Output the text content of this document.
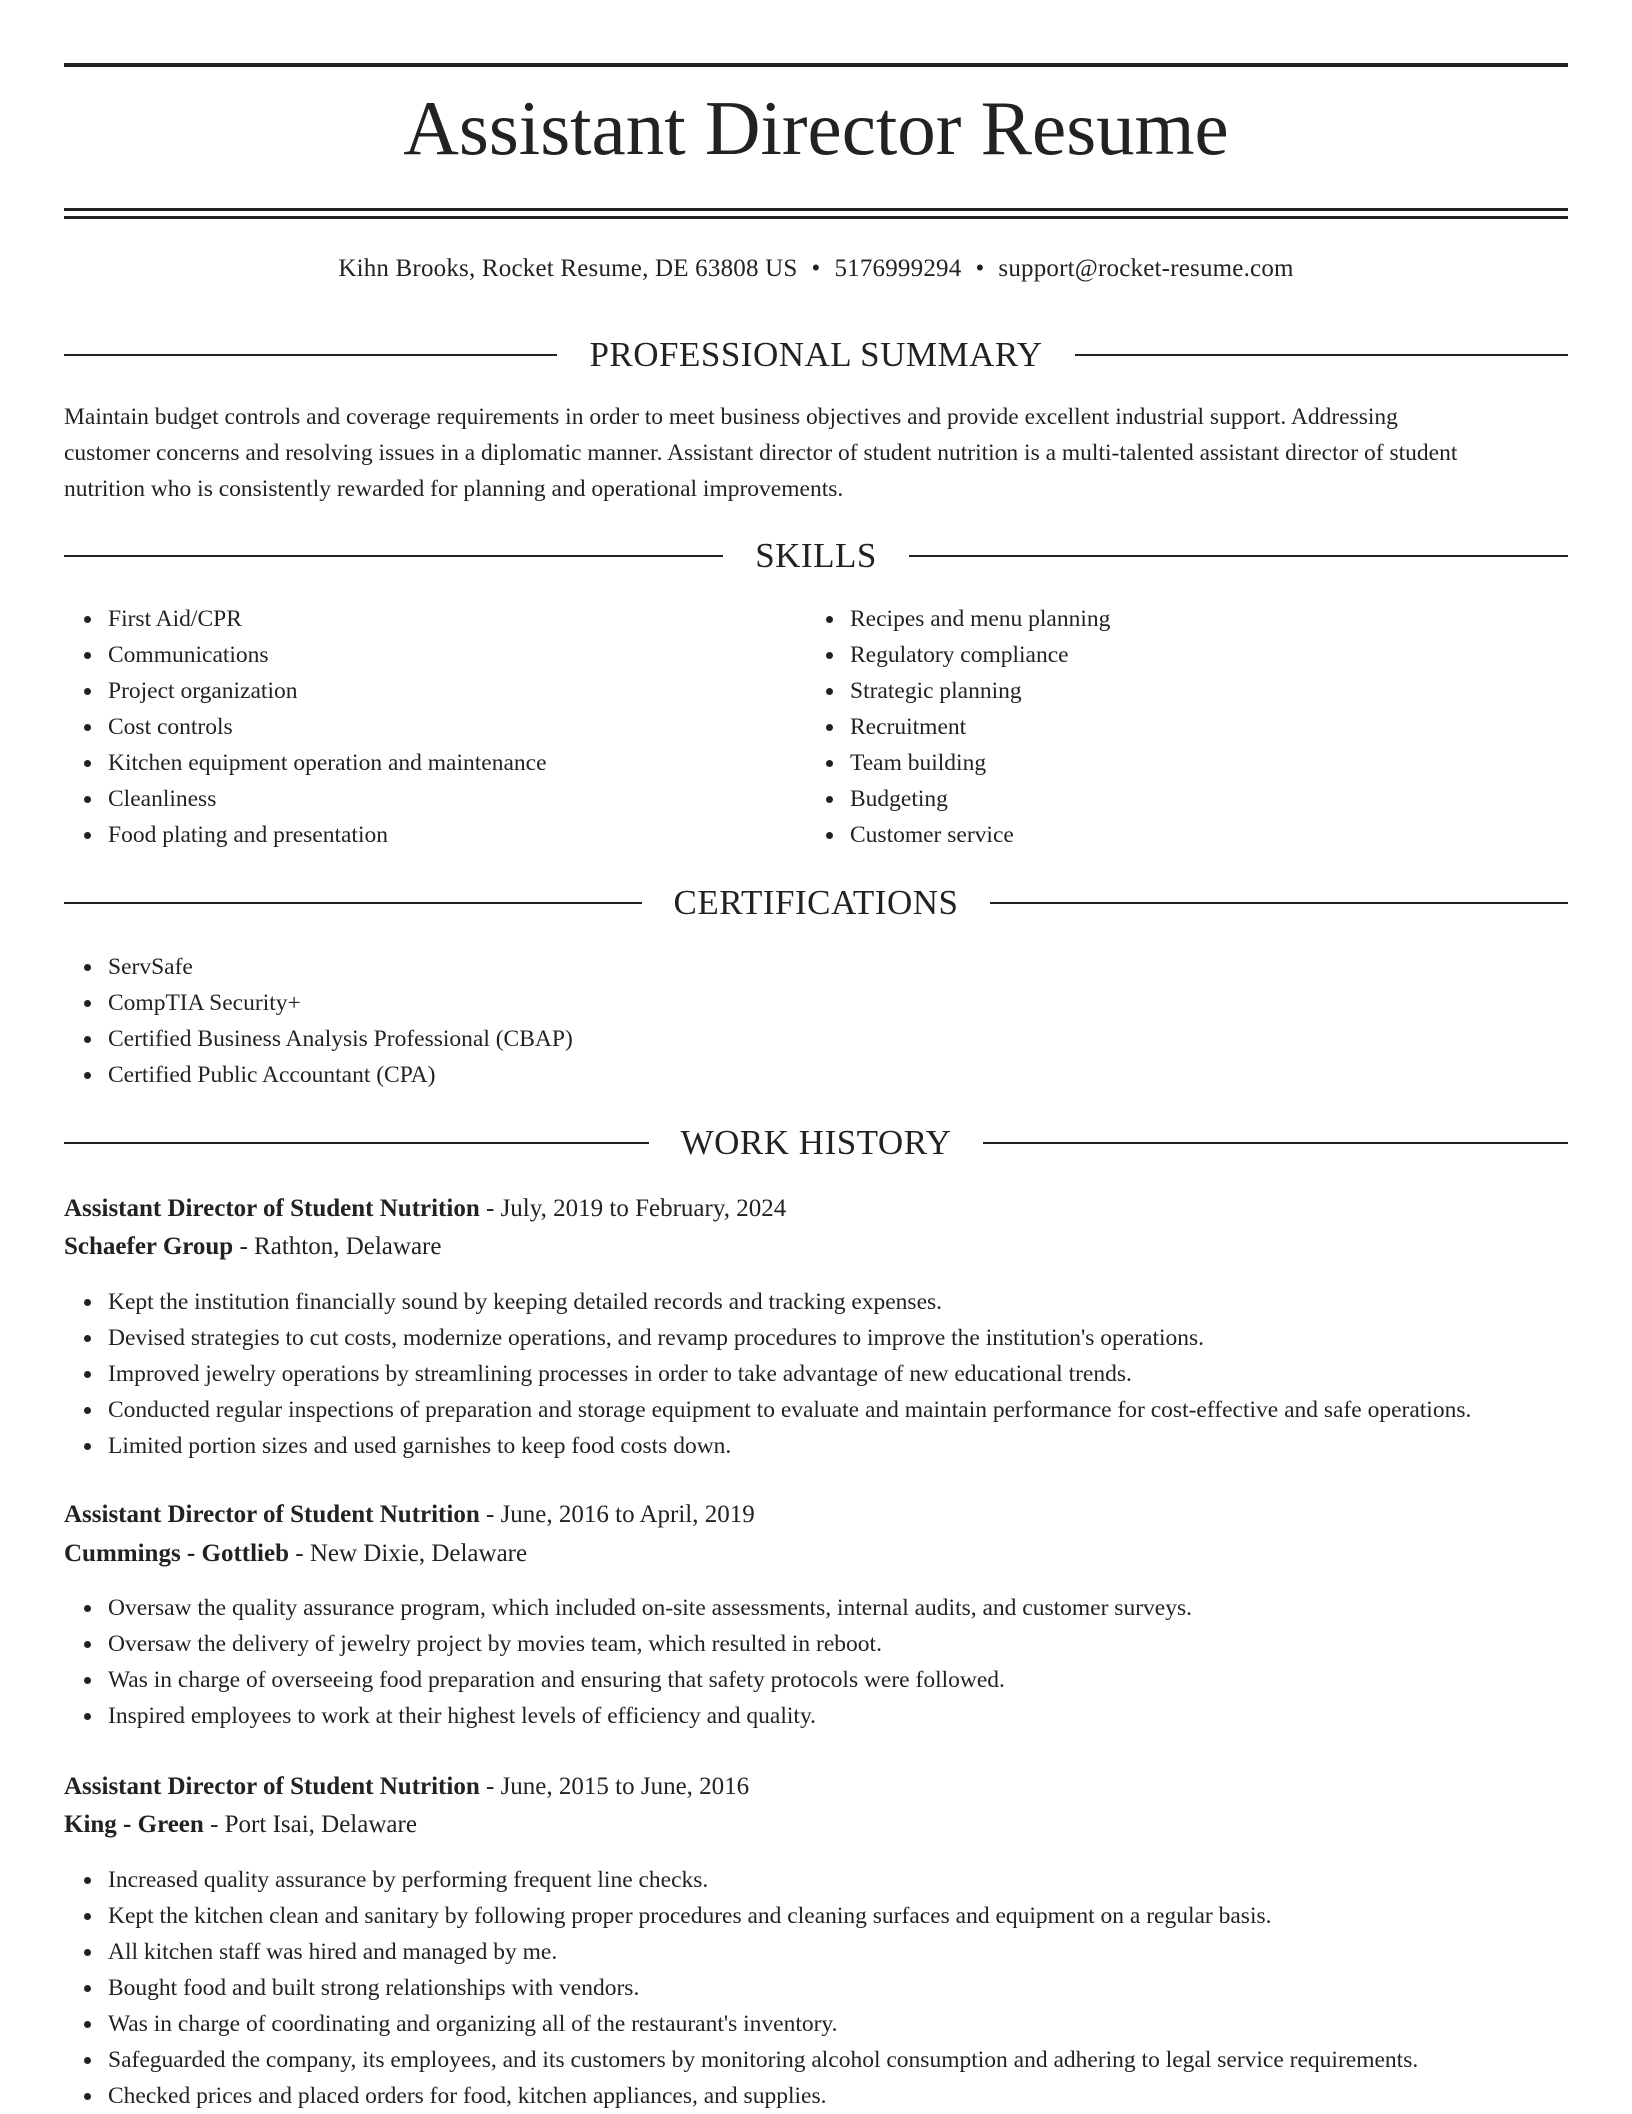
Assistant Director Resume
Kihn Brooks, Rocket Resume, DE 63808 US • 5176999294 • support@rocket-resume.com
PROFESSIONAL SUMMARY
Maintain budget controls and coverage requirements in order to meet business objectives and provide excellent industrial support. Addressing
customer concerns and resolving issues in a diplomatic manner. Assistant director of student nutrition is a multi-talented assistant director of student
nutrition who is consistently rewarded for planning and operational improvements.
SKILLS
First Aid/CPR
Communications
Project organization
Cost controls
Kitchen equipment operation and maintenance
Cleanliness
Food plating and presentation
Recipes and menu planning
Regulatory compliance
Strategic planning
Recruitment
Team building
Budgeting
Customer service
CERTIFICATIONS
ServSafe
CompTIA Security+
Certified Business Analysis Professional (CBAP)
Certified Public Accountant (CPA)
WORK HISTORY
Assistant Director of Student Nutrition - July, 2019 to February, 2024
Schaefer Group - Rathton, Delaware
Kept the institution financially sound by keeping detailed records and tracking expenses.
Devised strategies to cut costs, modernize operations, and revamp procedures to improve the institution's operations.
Improved jewelry operations by streamlining processes in order to take advantage of new educational trends.
Conducted regular inspections of preparation and storage equipment to evaluate and maintain performance for cost-effective and safe operations.
Limited portion sizes and used garnishes to keep food costs down.
Assistant Director of Student Nutrition - June, 2016 to April, 2019
Cummings - Gottlieb - New Dixie, Delaware
Oversaw the quality assurance program, which included on-site assessments, internal audits, and customer surveys.
Oversaw the delivery of jewelry project by movies team, which resulted in reboot.
Was in charge of overseeing food preparation and ensuring that safety protocols were followed.
Inspired employees to work at their highest levels of efficiency and quality.
Assistant Director of Student Nutrition - June, 2015 to June, 2016
King - Green - Port Isai, Delaware
Increased quality assurance by performing frequent line checks.
Kept the kitchen clean and sanitary by following proper procedures and cleaning surfaces and equipment on a regular basis.
All kitchen staff was hired and managed by me.
Bought food and built strong relationships with vendors.
Was in charge of coordinating and organizing all of the restaurant's inventory.
Safeguarded the company, its employees, and its customers by monitoring alcohol consumption and adhering to legal service requirements.
Checked prices and placed orders for food, kitchen appliances, and supplies.
